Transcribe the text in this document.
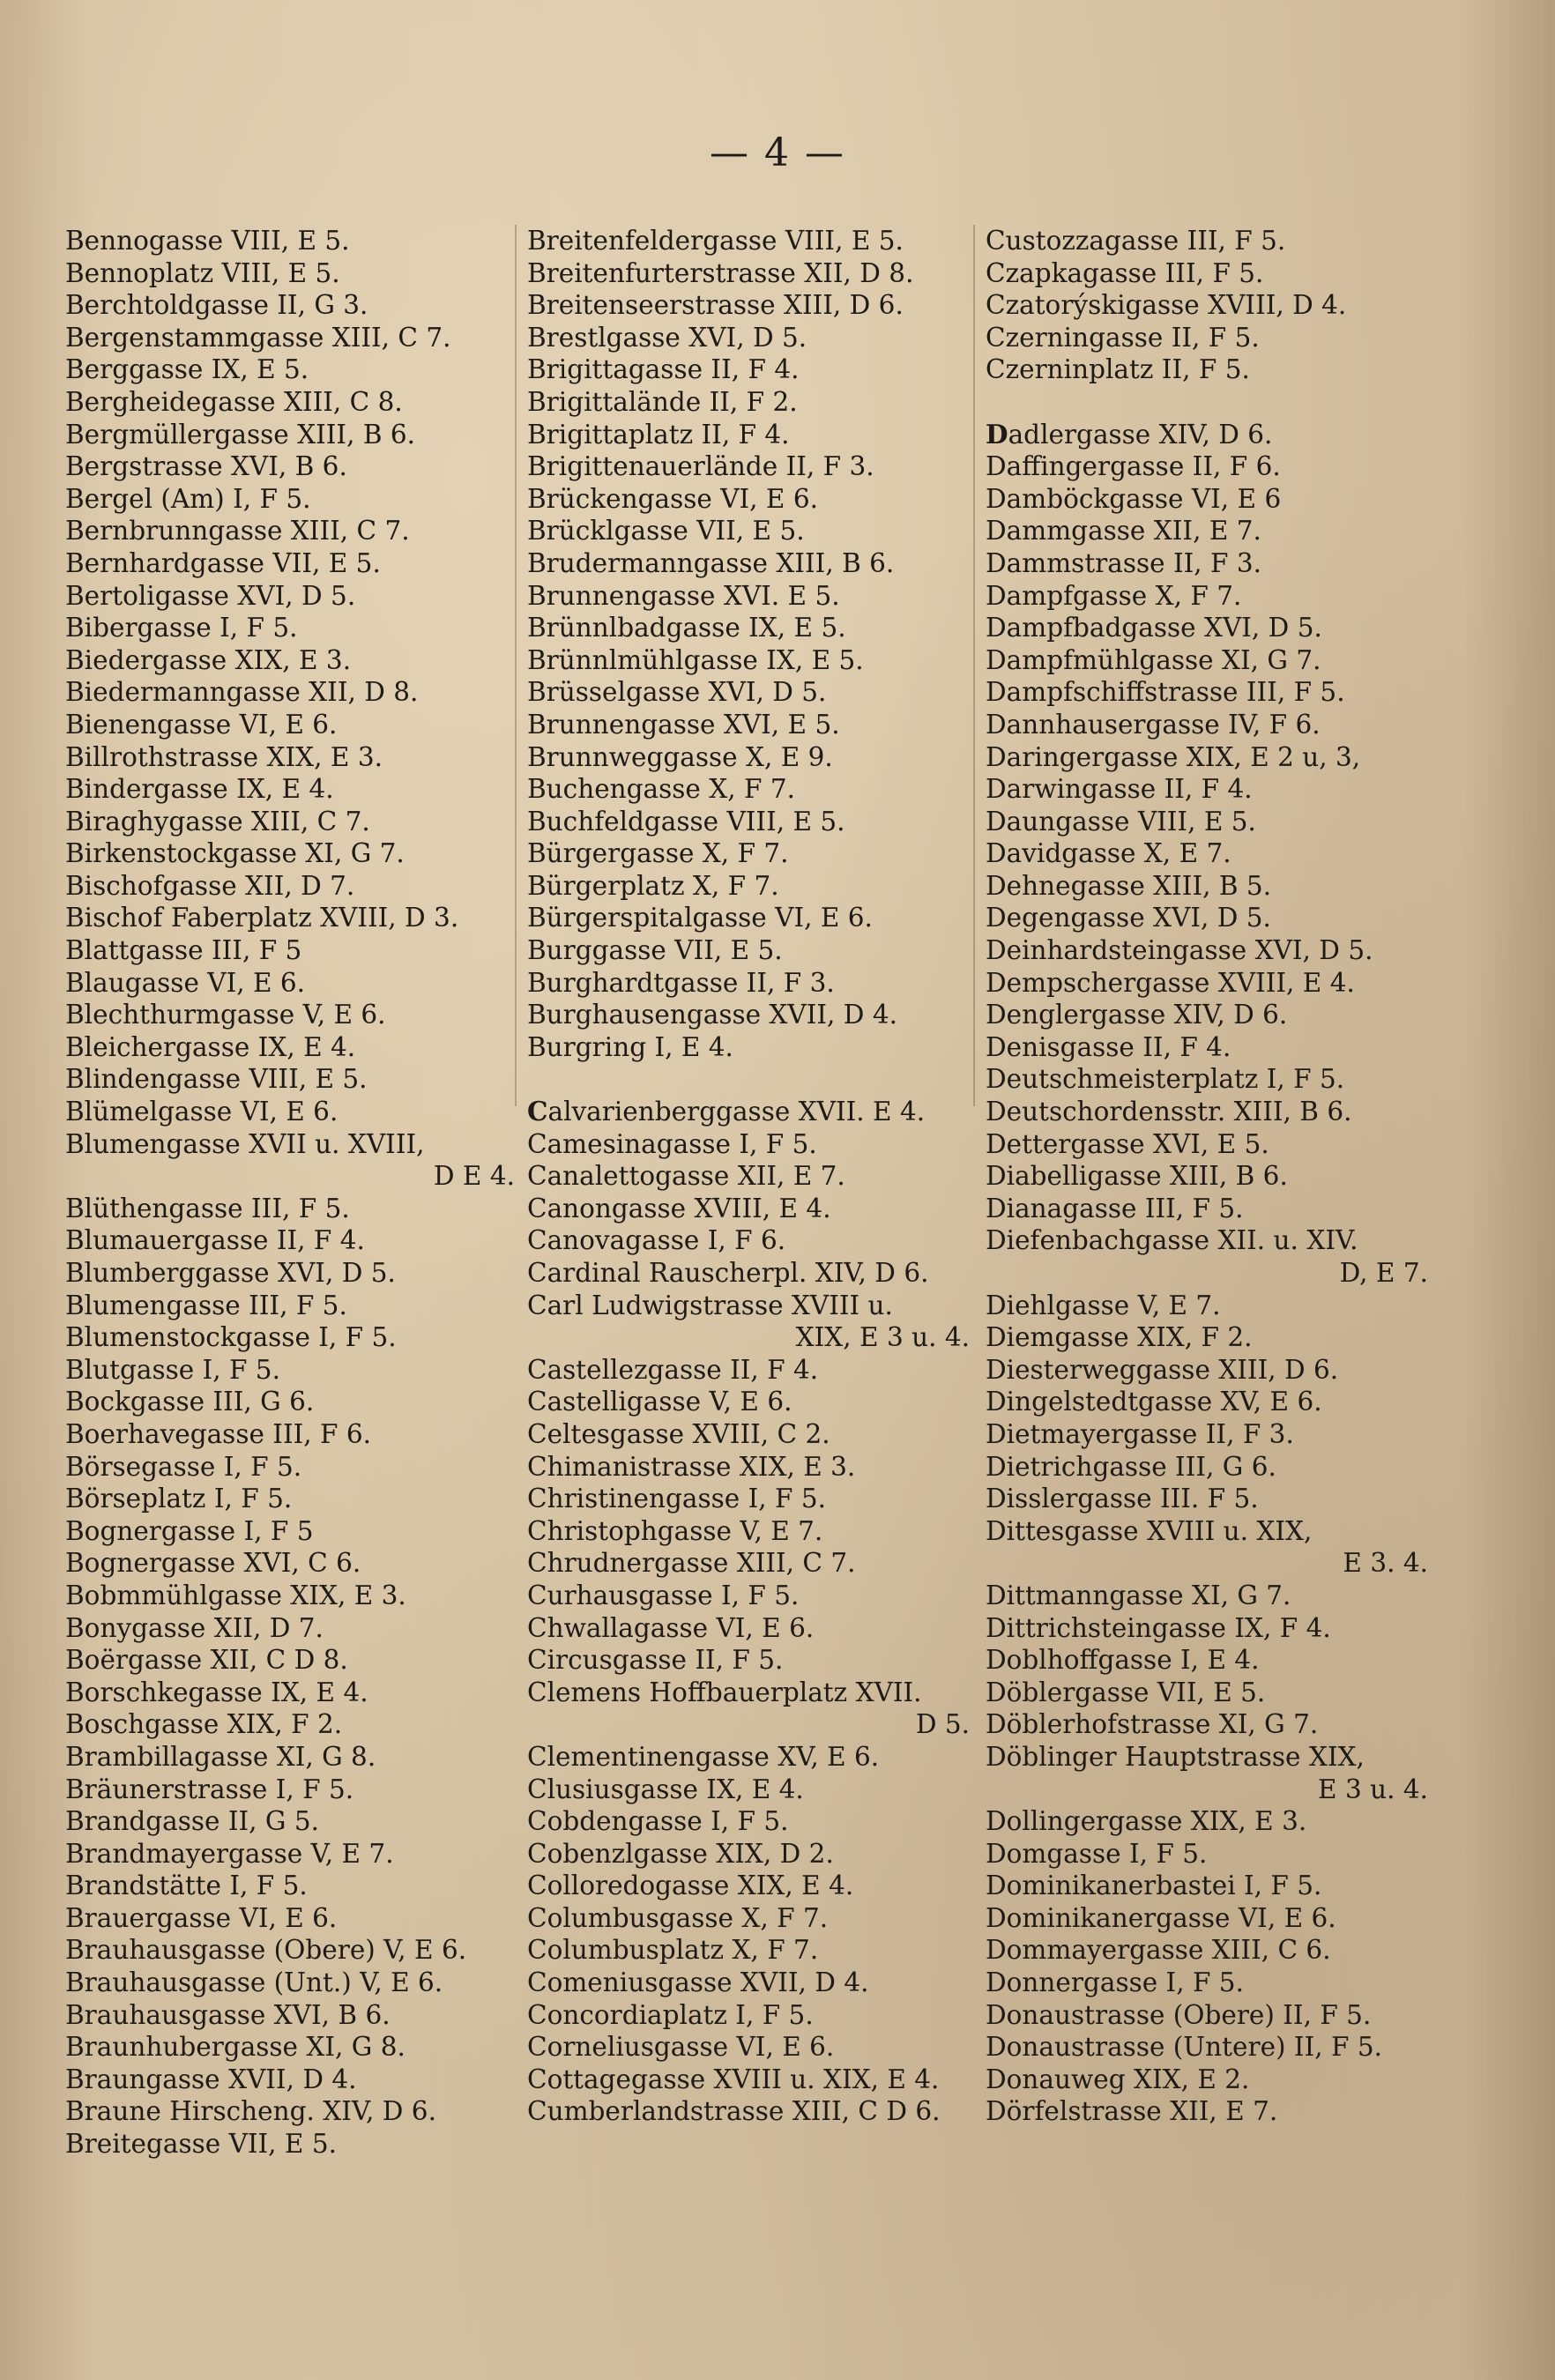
— 4 —
Bennogasse VIII, E 5.
Bennoplatz VIII, E 5.
Berchtoldgasse II, G 3.
Bergenstammgasse XIII, C 7.
Berggasse IX, E 5.
Bergheidegasse XIII, C 8.
Bergmüllergasse XIII, B 6.
Bergstrasse XVI, B 6.
Bergel (Am) I, F 5.
Bernbrunngasse XIII, C 7.
Bernhardgasse VII, E 5.
Bertoligasse XVI, D 5.
Bibergasse I, F 5.
Biedergasse XIX, E 3.
Biedermanngasse XII, D 8.
Bienengasse VI, E 6.
Billrothstrasse XIX, E 3.
Bindergasse IX, E 4.
Biraghygasse XIII, C 7.
Birkenstockgasse XI, G 7.
Bischofgasse XII, D 7.
Bischof Faberplatz XVIII, D 3.
Blattgasse III, F 5
Blaugasse VI, E 6.
Blechthurmgasse V, E 6.
Bleichergasse IX, E 4.
Blindengasse VIII, E 5.
Blümelgasse VI, E 6.
Blumengasse XVII u. XVIII,
D E 4.
Blüthengasse III, F 5.
Blumauergasse II, F 4.
Blumberggasse XVI, D 5.
Blumengasse III, F 5.
Blumenstockgasse I, F 5.
Blutgasse I, F 5.
Bockgasse III, G 6.
Boerhavegasse III, F 6.
Börsegasse I, F 5.
Börseplatz I, F 5.
Bognergasse I, F 5
Bognergasse XVI, C 6.
Bobmmühlgasse XIX, E 3.
Bonygasse XII, D 7.
Boërgasse XII, C D 8.
Borschkegasse IX, E 4.
Boschgasse XIX, F 2.
Brambillagasse XI, G 8.
Bräunerstrasse I, F 5.
Brandgasse II, G 5.
Brandmayergasse V, E 7.
Brandstätte I, F 5.
Brauergasse VI, E 6.
Brauhausgasse (Obere) V, E 6.
Brauhausgasse (Unt.) V, E 6.
Brauhausgasse XVI, B 6.
Braunhubergasse XI, G 8.
Braungasse XVII, D 4.
Braune Hirscheng. XIV, D 6.
Breitegasse VII, E 5.
Breitenfeldergasse VIII, E 5.
Breitenfurterstrasse XII, D 8.
Breitenseerstrasse XIII, D 6.
Brestlgasse XVI, D 5.
Brigittagasse II, F 4.
Brigittalände II, F 2.
Brigittaplatz II, F 4.
Brigittenauerlände II, F 3.
Brückengasse VI, E 6.
Brücklgasse VII, E 5.
Brudermanngasse XIII, B 6.
Brunnengasse XVI. E 5.
Brünnlbadgasse IX, E 5.
Brünnlmühlgasse IX, E 5.
Brüsselgasse XVI, D 5.
Brunnengasse XVI, E 5.
Brunnweggasse X, E 9.
Buchengasse X, F 7.
Buchfeldgasse VIII, E 5.
Bürgergasse X, F 7.
Bürgerplatz X, F 7.
Bürgerspitalgasse VI, E 6.
Burggasse VII, E 5.
Burghardtgasse II, F 3.
Burghausengasse XVII, D 4.
Burgring I, E 4.
Calvarienberggasse XVII. E 4.
Camesinagasse I, F 5.
Canalettogasse XII, E 7.
Canongasse XVIII, E 4.
Canovagasse I, F 6.
Cardinal Rauscherpl. XIV, D 6.
Carl Ludwigstrasse XVIII u.
XIX, E 3 u. 4.
Castellezgasse II, F 4.
Castelligasse V, E 6.
Celtesgasse XVIII, C 2.
Chimanistrasse XIX, E 3.
Christinengasse I, F 5.
Christophgasse V, E 7.
Chrudnergasse XIII, C 7.
Curhausgasse I, F 5.
Chwallagasse VI, E 6.
Circusgasse II, F 5.
Clemens Hoffbauerplatz XVII.
D 5.
Clementinengasse XV, E 6.
Clusiusgasse IX, E 4.
Cobdengasse I, F 5.
Cobenzlgasse XIX, D 2.
Colloredogasse XIX, E 4.
Columbusgasse X, F 7.
Columbusplatz X, F 7.
Comeniusgasse XVII, D 4.
Concordiaplatz I, F 5.
Corneliusgasse VI, E 6.
Cottagegasse XVIII u. XIX, E 4.
Cumberlandstrasse XIII, C D 6.
Custozzagasse III, F 5.
Czapkagasse III, F 5.
Czatorýskigasse XVIII, D 4.
Czerningasse II, F 5.
Czerninplatz II, F 5.
Dadlergasse XIV, D 6.
Daffingergasse II, F 6.
Damböckgasse VI, E 6
Dammgasse XII, E 7.
Dammstrasse II, F 3.
Dampfgasse X, F 7.
Dampfbadgasse XVI, D 5.
Dampfmühlgasse XI, G 7.
Dampfschiffstrasse III, F 5.
Dannhausergasse IV, F 6.
Daringergasse XIX, E 2 u, 3,
Darwingasse II, F 4.
Daungasse VIII, E 5.
Davidgasse X, E 7.
Dehnegasse XIII, B 5.
Degengasse XVI, D 5.
Deinhardsteingasse XVI, D 5.
Dempschergasse XVIII, E 4.
Denglergasse XIV, D 6.
Denisgasse II, F 4.
Deutschmeisterplatz I, F 5.
Deutschordensstr. XIII, B 6.
Dettergasse XVI, E 5.
Diabelligasse XIII, B 6.
Dianagasse III, F 5.
Diefenbachgasse XII. u. XIV.
D, E 7.
Diehlgasse V, E 7.
Diemgasse XIX, F 2.
Diesterweggasse XIII, D 6.
Dingelstedtgasse XV, E 6.
Dietmayergasse II, F 3.
Dietrichgasse III, G 6.
Disslergasse III. F 5.
Dittesgasse XVIII u. XIX,
E 3. 4.
Dittmanngasse XI, G 7.
Dittrichsteingasse IX, F 4.
Doblhoffgasse I, E 4.
Döblergasse VII, E 5.
Döblerhofstrasse XI, G 7.
Döblinger Hauptstrasse XIX,
E 3 u. 4.
Dollingergasse XIX, E 3.
Domgasse I, F 5.
Dominikanerbastei I, F 5.
Dominikanergasse VI, E 6.
Dommayergasse XIII, C 6.
Donnergasse I, F 5.
Donaustrasse (Obere) II, F 5.
Donaustrasse (Untere) II, F 5.
Donauweg XIX, E 2.
Dörfelstrasse XII, E 7.
